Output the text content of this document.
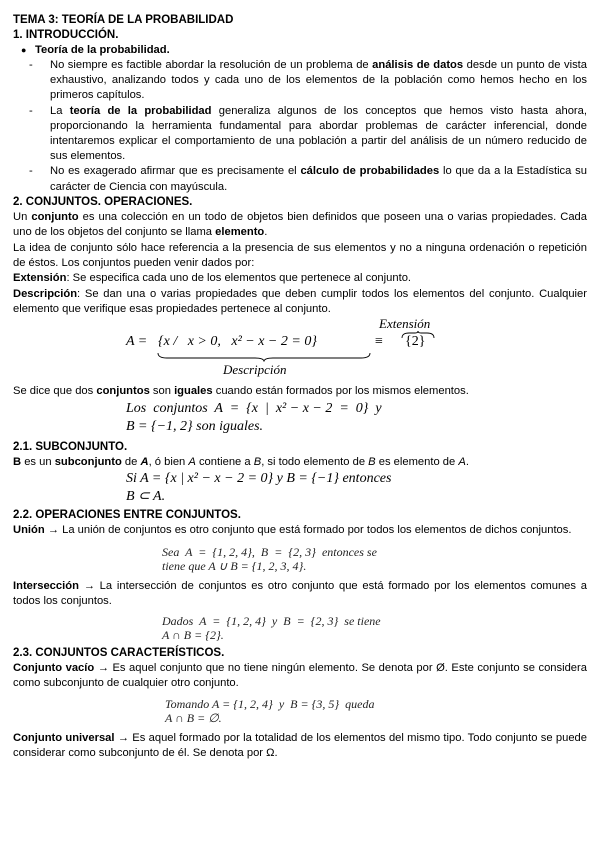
TEMA 3: TEORÍA DE LA PROBABILIDAD

1. INTRODUCCIÓN.

● Teoría de la probabilidad.
- No siempre es factible abordar la resolución de un problema de análisis de datos desde un punto de vista exhaustivo, analizando todos y cada uno de los elementos de la población como hemos hecho en los primeros capítulos.
- La teoría de la probabilidad generaliza algunos de los conceptos que hemos visto hasta ahora, proporcionando la herramienta fundamental para abordar problemas de carácter inferencial, donde intentaremos explicar el comportamiento de una población a partir del análisis de un número reducido de sus elementos.
- No es exagerado afirmar que es precisamente el cálculo de probabilidades lo que da a la Estadística su carácter de Ciencia con mayúscula.

2. CONJUNTOS. OPERACIONES.

Un conjunto es una colección en un todo de objetos bien definidos que poseen una o varias propiedades. Cada uno de los objetos del conjunto se llama elemento.

La idea de conjunto sólo hace referencia a la presencia de sus elementos y no a ninguna ordenación o repetición de éstos. Los conjuntos pueden venir dados por:

Extensión: Se especifica cada uno de los elementos que pertenece al conjunto.

Descripción: Se dan una o varias propiedades que deben cumplir todos los elementos del conjunto. Cualquier elemento que verifique esas propiedades pertenece al conjunto.

Extensión
A = {x /   x > 0,   x² − x − 2 = 0}	≡ {2}
Descripción

Se dice que dos conjuntos son iguales cuando están formados por los mismos elementos.

Los  conjuntos  A  =  {x  |  x² − x − 2  =  0}  y

B = {−1, 2} son iguales.

2.1. SUBCONJUNTO.

B es un subconjunto de A, ó bien A contiene a B, si todo elemento de B es elemento de A.

Si A = {x | x² − x − 2 = 0} y B = {−1} entonces

B ⊂ A.

2.2. OPERACIONES ENTRE CONJUNTOS.

Unión → La unión de conjuntos es otro conjunto que está formado por todos los elementos de dichos conjuntos.

Sea  A  =  {1, 2, 4},  B  =  {2, 3}  entonces se

tiene que A ∪ B = {1, 2, 3, 4}.

Intersección → La intersección de conjuntos es otro conjunto que está formado por los elementos comunes a todos los conjuntos.

Dados  A  =  {1, 2, 4}  y  B  =  {2, 3}  se tiene

A ∩ B = {2}.

2.3. CONJUNTOS CARACTERÍSTICOS.

Conjunto vacío → Es aquel conjunto que no tiene ningún elemento. Se denota por Ø. Este conjunto se considera como subconjunto de cualquier otro conjunto.

Tomando A = {1, 2, 4}  y  B = {3, 5}  queda

A ∩ B = ∅.

Conjunto universal → Es aquel formado por la totalidad de los elementos del mismo tipo. Todo conjunto se puede considerar como subconjunto de él. Se denota por Ω.
